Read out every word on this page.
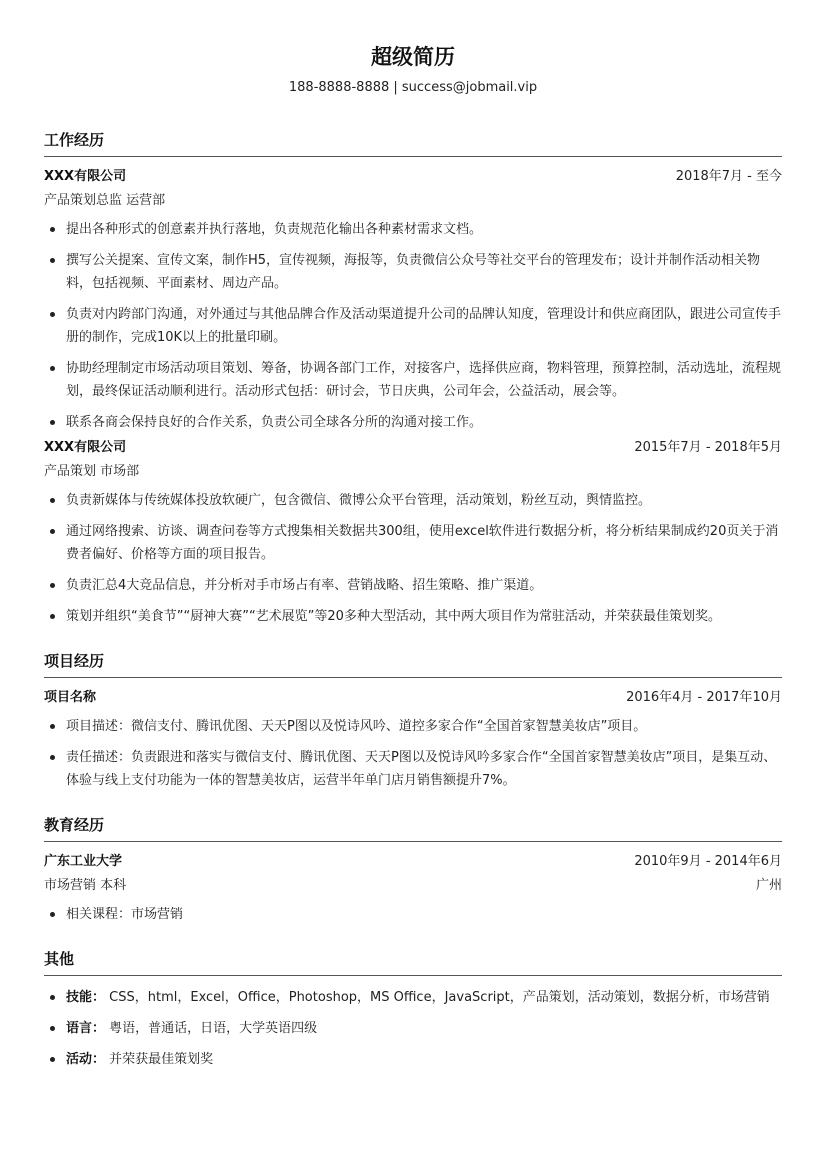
超级简历
188-8888-8888 | success@jobmail.vip
工作经历
XXX有限公司	2018年7月 - 至今
产品策划总监 运营部
提出各种形式的创意素并执行落地，负责规范化输出各种素材需求文档。
撰写公关提案、宣传文案，制作H5，宣传视频，海报等，负责微信公众号等社交平台的管理发布；设计并制作活动相关物料，包括视频、平面素材、周边产品。
负责对内跨部门沟通，对外通过与其他品牌合作及活动渠道提升公司的品牌认知度，管理设计和供应商团队，跟进公司宣传手册的制作，完成10K以上的批量印刷。
协助经理制定市场活动项目策划、筹备，协调各部门工作，对接客户，选择供应商，物料管理，预算控制，活动选址，流程规划，最终保证活动顺利进行。活动形式包括：研讨会，节日庆典，公司年会，公益活动，展会等。
联系各商会保持良好的合作关系，负责公司全球各分所的沟通对接工作。
XXX有限公司	2015年7月 - 2018年5月
产品策划 市场部
负责新媒体与传统媒体投放软硬广，包含微信、微博公众平台管理，活动策划，粉丝互动，舆情监控。
通过网络搜索、访谈、调查问卷等方式搜集相关数据共300组，使用excel软件进行数据分析，将分析结果制成约20页关于消费者偏好、价格等方面的项目报告。
负责汇总4大竞品信息，并分析对手市场占有率、营销战略、招生策略、推广渠道。
策划并组织“美食节”“厨神大赛”“艺术展览”等20多种大型活动，其中两大项目作为常驻活动，并荣获最佳策划奖。
项目经历
项目名称	2016年4月 - 2017年10月
项目描述：微信支付、腾讯优图、天天P图以及悦诗风吟、道控多家合作“全国首家智慧美妆店”项目。
责任描述：负责跟进和落实与微信支付、腾讯优图、天天P图以及悦诗风吟多家合作“全国首家智慧美妆店”项目，是集互动、体验与线上支付功能为一体的智慧美妆店，运营半年单门店月销售额提升7%。
教育经历
广东工业大学	2010年9月 - 2014年6月
市场营销 本科	广州
相关课程：市场营销
其他
技能： CSS，html，Excel，Office，Photoshop，MS Office，JavaScript，产品策划，活动策划，数据分析，市场营销
语言： 粤语，普通话，日语，大学英语四级
活动： 并荣获最佳策划奖
